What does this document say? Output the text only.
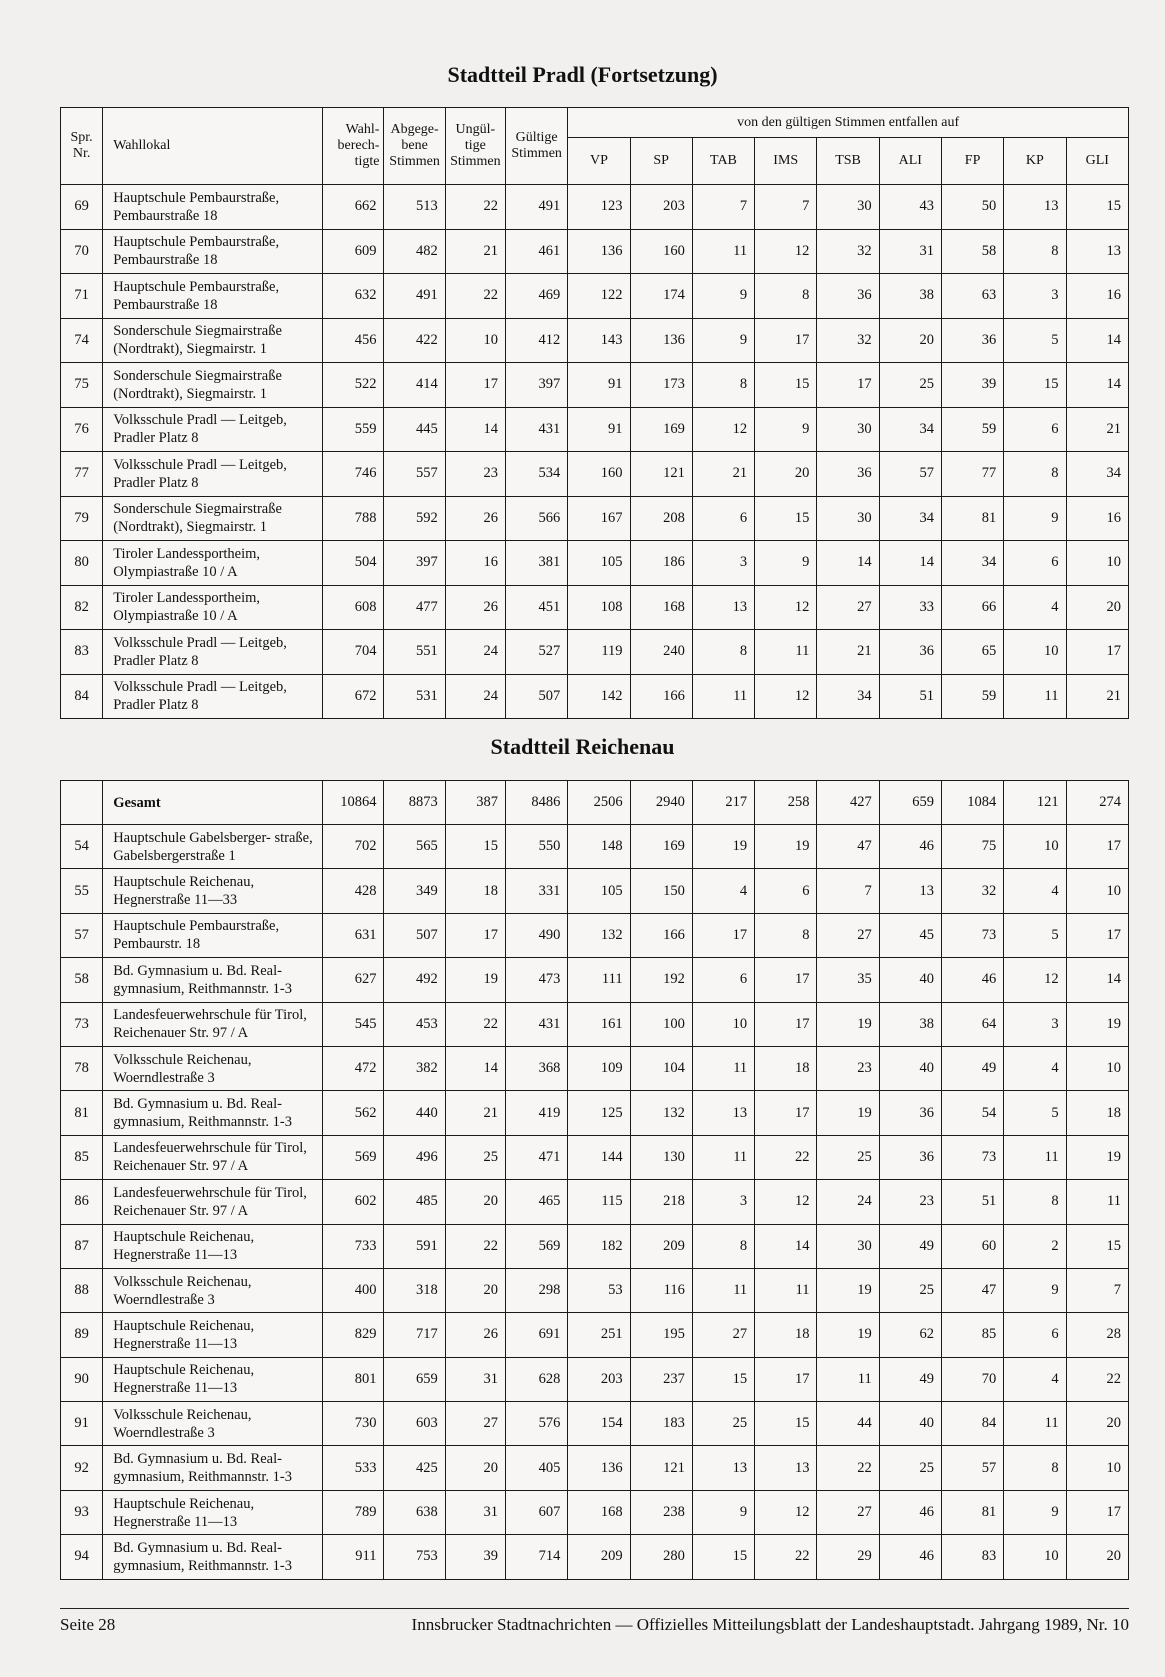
Stadtteil Pradl (Fortsetzung)
Spr. Nr.	Wahllokal	Wahl- berech- tigte	Abgege- bene Stimmen	Ungül- tige Stimmen	Gültige Stimmen	von den gültigen Stimmen entfallen auf								
						VP	SP	TAB	IMS	TSB	ALI	FP	KP	GLI
69	Hauptschule Pembaurstraße, Pembaurstraße 18	662	513	22	491	123	203	7	7	30	43	50	13	15
70	Hauptschule Pembaurstraße, Pembaurstraße 18	609	482	21	461	136	160	11	12	32	31	58	8	13
71	Hauptschule Pembaurstraße, Pembaurstraße 18	632	491	22	469	122	174	9	8	36	38	63	3	16
74	Sonderschule Siegmairstraße (Nordtrakt), Siegmairstr. 1	456	422	10	412	143	136	9	17	32	20	36	5	14
75	Sonderschule Siegmairstraße (Nordtrakt), Siegmairstr. 1	522	414	17	397	91	173	8	15	17	25	39	15	14
76	Volksschule Pradl — Leitgeb, Pradler Platz 8	559	445	14	431	91	169	12	9	30	34	59	6	21
77	Volksschule Pradl — Leitgeb, Pradler Platz 8	746	557	23	534	160	121	21	20	36	57	77	8	34
79	Sonderschule Siegmairstraße (Nordtrakt), Siegmairstr. 1	788	592	26	566	167	208	6	15	30	34	81	9	16
80	Tiroler Landessportheim, Olympiastraße 10 / A	504	397	16	381	105	186	3	9	14	14	34	6	10
82	Tiroler Landessportheim, Olympiastraße 10 / A	608	477	26	451	108	168	13	12	27	33	66	4	20
83	Volksschule Pradl — Leitgeb, Pradler Platz 8	704	551	24	527	119	240	8	11	21	36	65	10	17
84	Volksschule Pradl — Leitgeb, Pradler Platz 8	672	531	24	507	142	166	11	12	34	51	59	11	21
Stadtteil Reichenau
	Gesamt	10864	8873	387	8486	2506	2940	217	258	427	659	1084	121	274
54	Hauptschule Gabelsberger- straße, Gabelsbergerstraße 1	702	565	15	550	148	169	19	19	47	46	75	10	17
55	Hauptschule Reichenau, Hegnerstraße 11—33	428	349	18	331	105	150	4	6	7	13	32	4	10
57	Hauptschule Pembaurstraße, Pembaurstr. 18	631	507	17	490	132	166	17	8	27	45	73	5	17
58	Bd. Gymnasium u. Bd. Real- gymnasium, Reithmannstr. 1-3	627	492	19	473	111	192	6	17	35	40	46	12	14
73	Landesfeuerwehrschule für Tirol, Reichenauer Str. 97 / A	545	453	22	431	161	100	10	17	19	38	64	3	19
78	Volksschule Reichenau, Woerndlestraße 3	472	382	14	368	109	104	11	18	23	40	49	4	10
81	Bd. Gymnasium u. Bd. Real- gymnasium, Reithmannstr. 1-3	562	440	21	419	125	132	13	17	19	36	54	5	18
85	Landesfeuerwehrschule für Tirol, Reichenauer Str. 97 / A	569	496	25	471	144	130	11	22	25	36	73	11	19
86	Landesfeuerwehrschule für Tirol, Reichenauer Str. 97 / A	602	485	20	465	115	218	3	12	24	23	51	8	11
87	Hauptschule Reichenau, Hegnerstraße 11—13	733	591	22	569	182	209	8	14	30	49	60	2	15
88	Volksschule Reichenau, Woerndlestraße 3	400	318	20	298	53	116	11	11	19	25	47	9	7
89	Hauptschule Reichenau, Hegnerstraße 11—13	829	717	26	691	251	195	27	18	19	62	85	6	28
90	Hauptschule Reichenau, Hegnerstraße 11—13	801	659	31	628	203	237	15	17	11	49	70	4	22
91	Volksschule Reichenau, Woerndlestraße 3	730	603	27	576	154	183	25	15	44	40	84	11	20
92	Bd. Gymnasium u. Bd. Real- gymnasium, Reithmannstr. 1-3	533	425	20	405	136	121	13	13	22	25	57	8	10
93	Hauptschule Reichenau, Hegnerstraße 11—13	789	638	31	607	168	238	9	12	27	46	81	9	17
94	Bd. Gymnasium u. Bd. Real- gymnasium, Reithmannstr. 1-3	911	753	39	714	209	280	15	22	29	46	83	10	20
Seite 28	Innsbrucker Stadtnachrichten — Offizielles Mitteilungsblatt der Landeshauptstadt. Jahrgang 1989, Nr. 10
